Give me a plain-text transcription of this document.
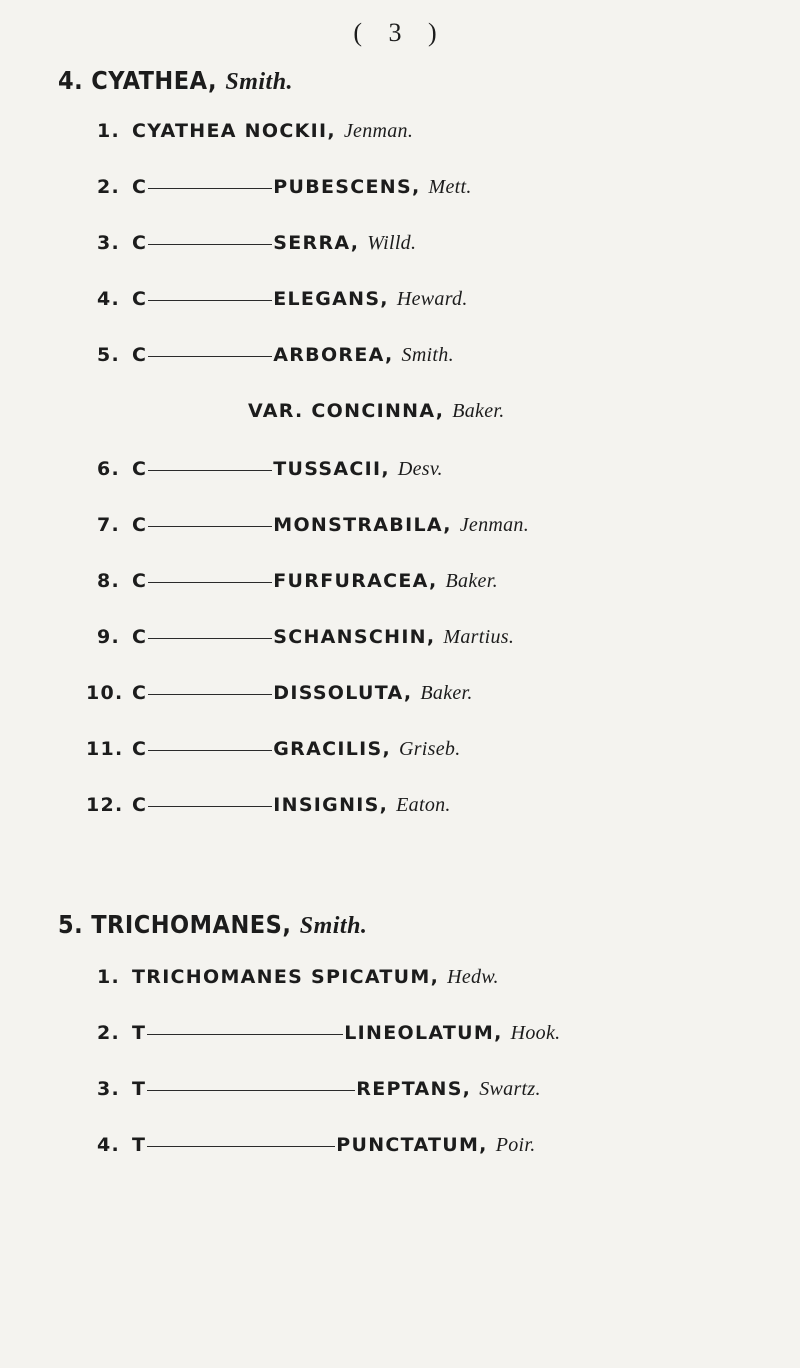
( 3 )
4. CYATHEA, Smith.
1. CYATHEA NOCKII, Jenman.
2. C	PUBESCENS, Mett.
3. C	SERRA, Willd.
4. C	ELEGANS, Heward.
5. C	ARBOREA, Smith.
VAR. CONCINNA, Baker.
6. C	TUSSACII, Desv.
7. C	MONSTRABILA, Jenman.
8. C	FURFURACEA, Baker.
9. C	SCHANSCHIN, Martius.
10. C	DISSOLUTA, Baker.
11. C	GRACILIS, Griseb.
12. C	INSIGNIS, Eaton.
5. TRICHOMANES, Smith.
1. TRICHOMANES SPICATUM, Hedw.
2. T	LINEOLATUM, Hook.
3. T	REPTANS, Swartz.
4. T	PUNCTATUM, Poir.
